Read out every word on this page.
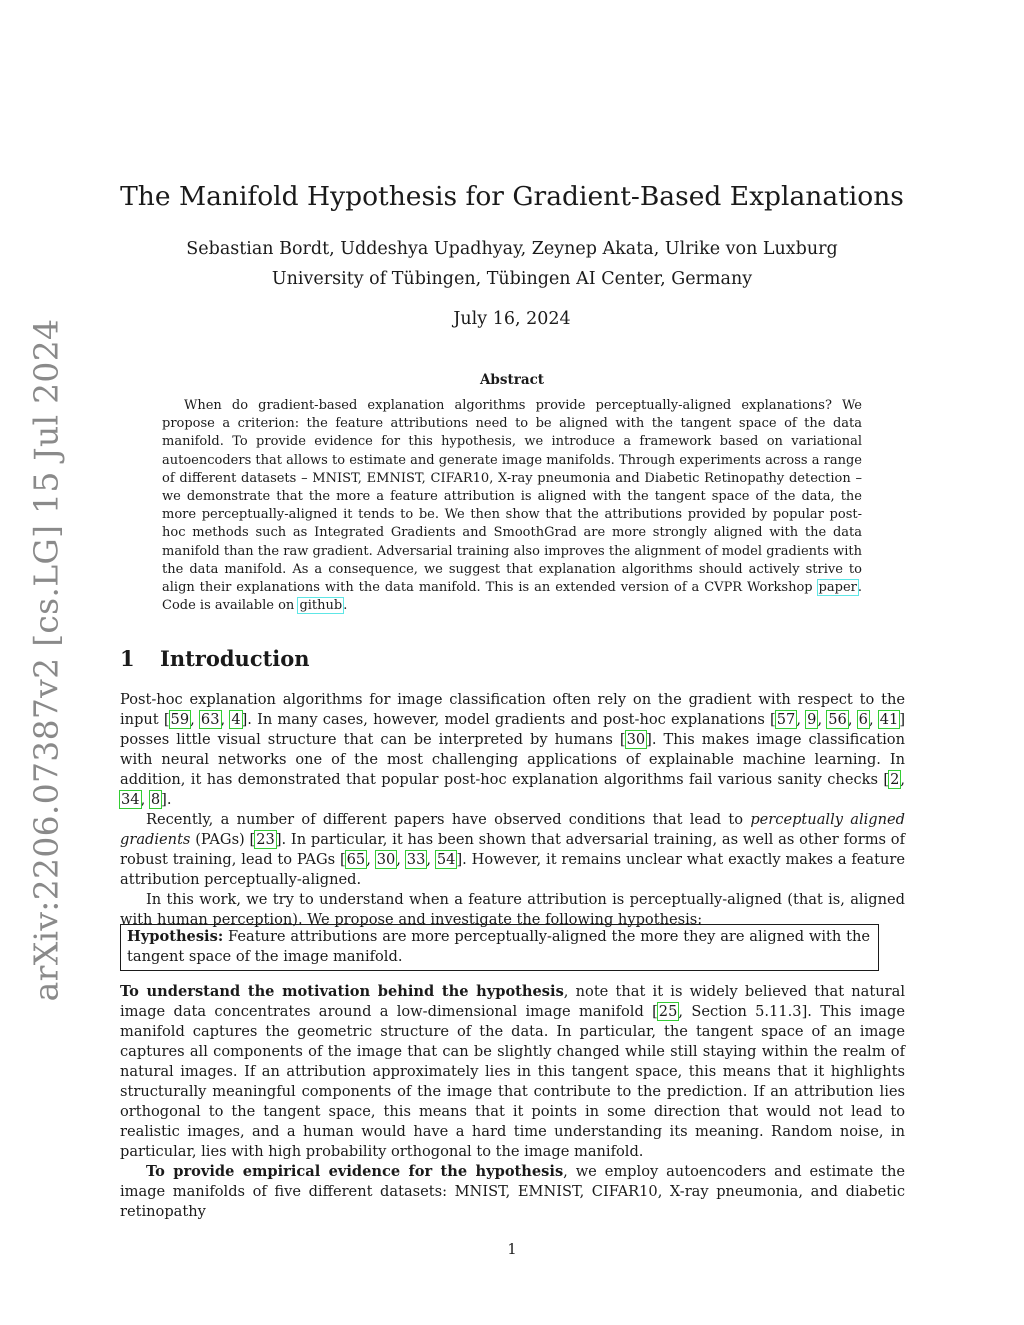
arXiv:2206.07387v2 [cs.LG] 15 Jul 2024
The Manifold Hypothesis for Gradient-Based Explanations
Sebastian Bordt, Uddeshya Upadhyay, Zeynep Akata, Ulrike von Luxburg
University of Tübingen, Tübingen AI Center, Germany
July 16, 2024
Abstract
When do gradient-based explanation algorithms provide perceptually-aligned explanations? We propose a criterion: the feature attributions need to be aligned with the tangent space of the data manifold. To provide evidence for this hypothesis, we introduce a framework based on variational autoencoders that allows to estimate and generate image manifolds. Through experiments across a range of different datasets – MNIST, EMNIST, CIFAR10, X-ray pneumonia and Diabetic Retinopathy detection – we demonstrate that the more a feature attribution is aligned with the tangent space of the data, the more perceptually-aligned it tends to be. We then show that the attributions provided by popular post-hoc methods such as Integrated Gradients and SmoothGrad are more strongly aligned with the data manifold than the raw gradient. Adversarial training also improves the alignment of model gradients with the data manifold. As a consequence, we suggest that explanation algorithms should actively strive to align their explanations with the data manifold. This is an extended version of a CVPR Workshop paper. Code is available on github.
1 Introduction

Post-hoc explanation algorithms for image classification often rely on the gradient with respect to the input [59, 63, 4]. In many cases, however, model gradients and post-hoc explanations [57, 9, 56, 6, 41] posses little visual structure that can be interpreted by humans [30]. This makes image classification with neural networks one of the most challenging applications of explainable machine learning. In addition, it has demonstrated that popular post-hoc explanation algorithms fail various sanity checks [2, 34, 8].

Recently, a number of different papers have observed conditions that lead to perceptually aligned gradients (PAGs) [23]. In particular, it has been shown that adversarial training, as well as other forms of robust training, lead to PAGs [65, 30, 33, 54]. However, it remains unclear what exactly makes a feature attribution perceptually-aligned.

In this work, we try to understand when a feature attribution is perceptually-aligned (that is, aligned with human perception). We propose and investigate the following hypothesis:

Hypothesis: Feature attributions are more perceptually-aligned the more they are aligned with the tangent space of the image manifold.

To understand the motivation behind the hypothesis, note that it is widely believed that natural image data concentrates around a low-dimensional image manifold [25, Section 5.11.3]. This image manifold captures the geometric structure of the data. In particular, the tangent space of an image captures all components of the image that can be slightly changed while still staying within the realm of natural images. If an attribution approximately lies in this tangent space, this means that it highlights structurally meaningful components of the image that contribute to the prediction. If an attribution lies orthogonal to the tangent space, this means that it points in some direction that would not lead to realistic images, and a human would have a hard time understanding its meaning. Random noise, in particular, lies with high probability orthogonal to the image manifold.

To provide empirical evidence for the hypothesis, we employ autoencoders and estimate the image manifolds of five different datasets: MNIST, EMNIST, CIFAR10, X-ray pneumonia, and diabetic retinopathy

1
